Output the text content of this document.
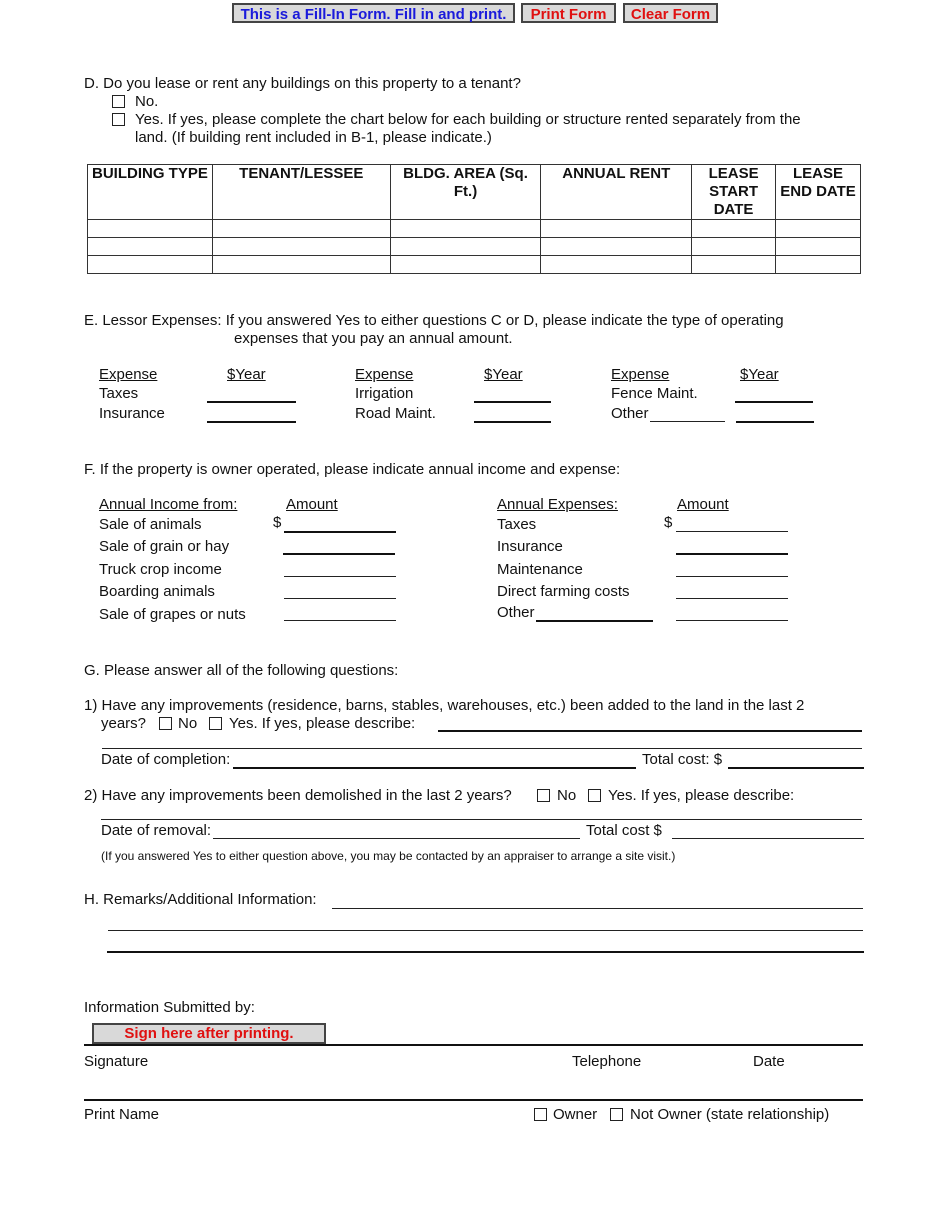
This is a Fill-In Form. Fill in and print.	Print Form	Clear Form
D. Do you lease or rent any buildings on this property to a tenant?
No.
Yes. If yes, please complete the chart below for each building or structure rented separately from the
land. (If building rent included in B-1, please indicate.)
BUILDING TYPE	TENANT/LESSEE	BLDG. AREA (Sq. Ft.)	ANNUAL RENT	LEASE START DATE	LEASE END DATE

E. Lessor Expenses: If you answered Yes to either questions C or D, please indicate the type of operating
expenses that you pay an annual amount.
Expense	$Year
Taxes
Insurance
Expense	$Year
Irrigation
Road Maint.
Expense	$Year
Fence Maint.
Other
F. If the property is owner operated, please indicate annual income and expense:
Annual Income from:	Amount
Sale of animals	$
Sale of grain or hay
Truck crop income
Boarding animals
Sale of grapes or nuts
Annual Expenses:	Amount
Taxes	$
Insurance
Maintenance
Direct farming costs
Other
G. Please answer all of the following questions:
1) Have any improvements (residence, barns, stables, warehouses, etc.) been added to the land in the last 2
years? No Yes. If yes, please describe:
Date of completion:	Total cost: $
2) Have any improvements been demolished in the last 2 years?	No Yes. If yes, please describe:
Date of removal:	Total cost $
(If you answered Yes to either question above, you may be contacted by an appraiser to arrange a site visit.)
H. Remarks/Additional Information:
Information Submitted by:
Sign here after printing.
Signature	Telephone	Date
Print Name	Owner Not Owner (state relationship)
